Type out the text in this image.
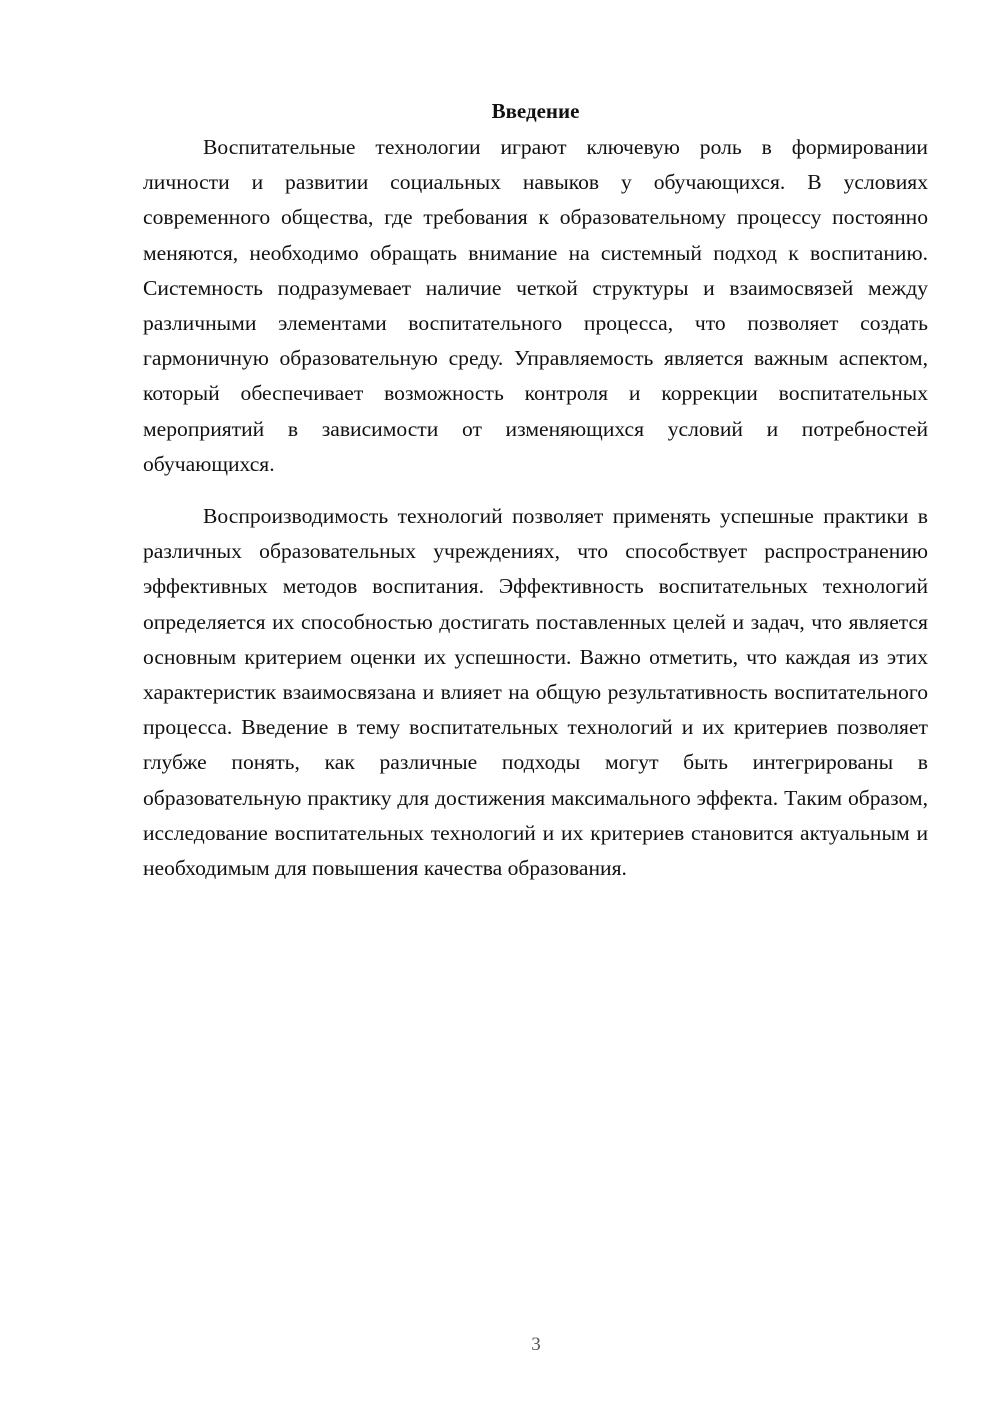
Введение

Воспитательные технологии играют ключевую роль в формировании личности и развитии социальных навыков у обучающихся. В условиях современного общества, где требования к образовательному процессу постоянно меняются, необходимо обращать внимание на системный подход к воспитанию. Системность подразумевает наличие четкой структуры и взаимосвязей между различными элементами воспитательного процесса, что позволяет создать гармоничную образовательную среду. Управляемость является важным аспектом, который обеспечивает возможность контроля и коррекции воспитательных мероприятий в зависимости от изменяющихся условий и потребностей обучающихся.

Воспроизводимость технологий позволяет применять успешные практики в различных образовательных учреждениях, что способствует распространению эффективных методов воспитания. Эффективность воспитательных технологий определяется их способностью достигать поставленных целей и задач, что является основным критерием оценки их успешности. Важно отметить, что каждая из этих характеристик взаимосвязана и влияет на общую результативность воспитательного процесса. Введение в тему воспитательных технологий и их критериев позволяет глубже понять, как различные подходы могут быть интегрированы в образовательную практику для достижения максимального эффекта. Таким образом, исследование воспитательных технологий и их критериев становится актуальным и необходимым для повышения качества образования.

3
